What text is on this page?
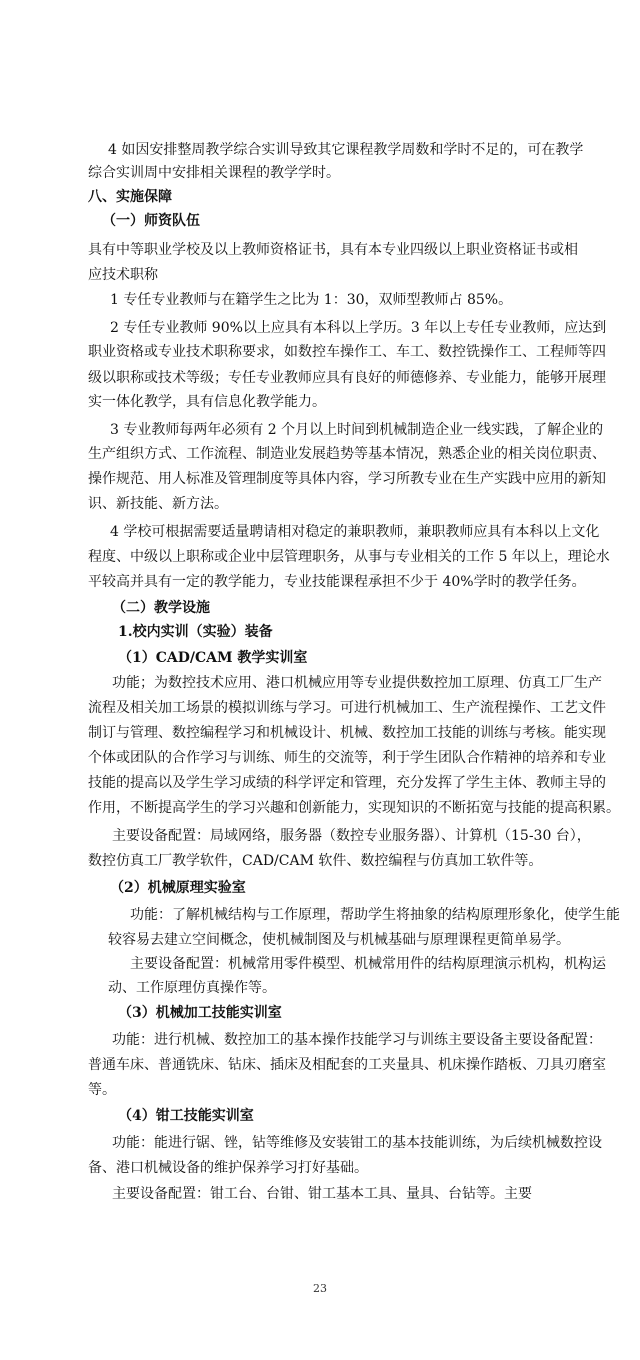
4 如因安排整周教学综合实训导致其它课程教学周数和学时不足的，可在教学
综合实训周中安排相关课程的教学学时。
八、实施保障
（一）师资队伍
具有中等职业学校及以上教师资格证书，具有本专业四级以上职业资格证书或相
应技术职称
1 专任专业教师与在籍学生之比为 1：30，双师型教师占 85%。
2 专任专业教师 90%以上应具有本科以上学历。3 年以上专任专业教师，应达到
职业资格或专业技术职称要求，如数控车操作工、车工、数控铣操作工、工程师等四
级以职称或技术等级；专任专业教师应具有良好的师德修养、专业能力，能够开展理
实一体化教学，具有信息化教学能力。
3 专业教师每两年必须有 2 个月以上时间到机械制造企业一线实践，了解企业的
生产组织方式、工作流程、制造业发展趋势等基本情况，熟悉企业的相关岗位职责、
操作规范、用人标准及管理制度等具体内容，学习所教专业在生产实践中应用的新知
识、新技能、新方法。
4 学校可根据需要适量聘请相对稳定的兼职教师，兼职教师应具有本科以上文化
程度、中级以上职称或企业中层管理职务，从事与专业相关的工作 5 年以上，理论水
平较高并具有一定的教学能力，专业技能课程承担不少于 40%学时的教学任务。
（二）教学设施
1.校内实训（实验）装备
（1）CAD/CAM 教学实训室
功能；为数控技术应用、港口机械应用等专业提供数控加工原理、仿真工厂生产
流程及相关加工场景的模拟训练与学习。可进行机械加工、生产流程操作、工艺文件
制订与管理、数控编程学习和机械设计、机械、数控加工技能的训练与考核。能实现
个体或团队的合作学习与训练、师生的交流等，利于学生团队合作精神的培养和专业
技能的提高以及学生学习成绩的科学评定和管理，充分发挥了学生主体、教师主导的
作用，不断提高学生的学习兴趣和创新能力，实现知识的不断拓宽与技能的提高积累。
主要设备配置：局域网络，服务器（数控专业服务器）、计算机（15-30 台），
数控仿真工厂教学软件，CAD/CAM 软件、数控编程与仿真加工软件等。
（2）机械原理实验室
功能：了解机械结构与工作原理，帮助学生将抽象的结构原理形象化，使学生能
较容易去建立空间概念，使机械制图及与机械基础与原理课程更简单易学。
主要设备配置：机械常用零件模型、机械常用件的结构原理演示机构，机构运
动、工作原理仿真操作等。
（3）机械加工技能实训室
功能：进行机械、数控加工的基本操作技能学习与训练主要设备主要设备配置：
普通车床、普通铣床、钻床、插床及相配套的工夹量具、机床操作踏板、刀具刃磨室
等。
（4）钳工技能实训室
功能：能进行锯、锉，钻等维修及安装钳工的基本技能训练，为后续机械数控设
备、港口机械设备的维护保养学习打好基础。
主要设备配置：钳工台、台钳、钳工基本工具、量具、台钻等。主要
23
